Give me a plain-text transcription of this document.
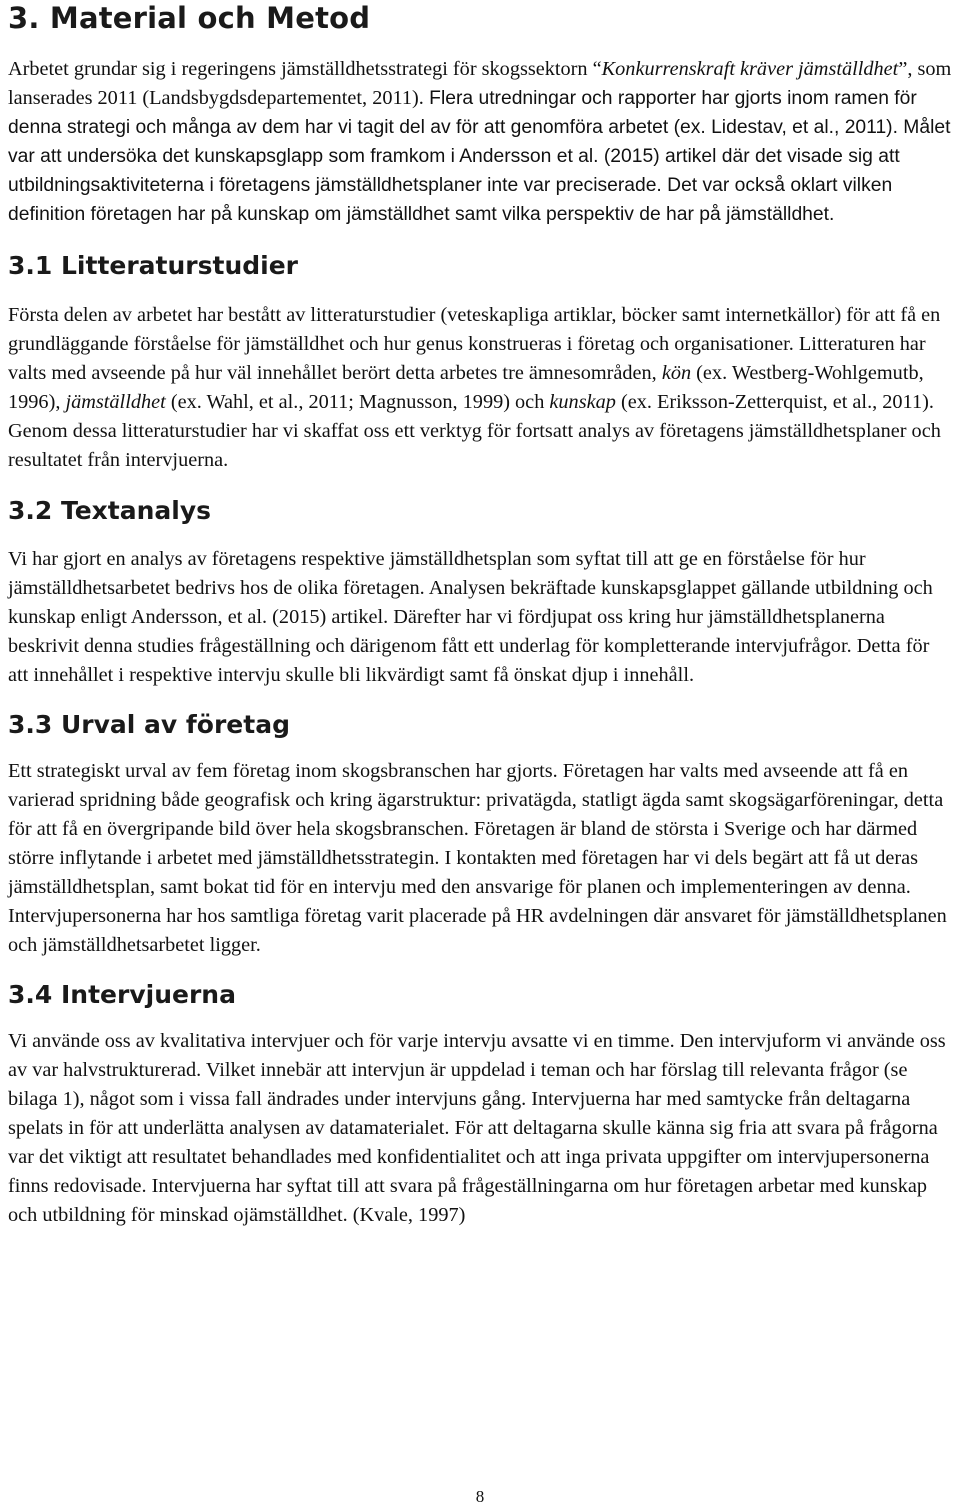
3. Material och Metod

Arbetet grundar sig i regeringens jämställdhetsstrategi för skogssektorn “Konkurrenskraft kräver jämställdhet”, som lanserades 2011 (Landsbygdsdepartementet, 2011). Flera utredningar och rapporter har gjorts inom ramen för denna strategi och många av dem har vi tagit del av för att genomföra arbetet (ex. Lidestav, et al., 2011). Målet var att undersöka det kunskapsglapp som framkom i Andersson et al. (2015) artikel där det visade sig att utbildningsaktiviteterna i företagens jämställdhetsplaner inte var preciserade. Det var också oklart vilken definition företagen har på kunskap om jämställdhet samt vilka perspektiv de har på jämställdhet.

3.1 Litteraturstudier

Första delen av arbetet har bestått av litteraturstudier (veteskapliga artiklar, böcker samt internetkällor) för att få en grundläggande förståelse för jämställdhet och hur genus konstrueras i företag och organisationer. Litteraturen har valts med avseende på hur väl innehållet berört detta arbetes tre ämnesområden, kön (ex. Westberg-Wohlgemutb, 1996), jämställdhet (ex. Wahl, et al., 2011; Magnusson, 1999) och kunskap (ex. Eriksson-Zetterquist, et al., 2011). Genom dessa litteraturstudier har vi skaffat oss ett verktyg för fortsatt analys av företagens jämställdhetsplaner och resultatet från intervjuerna.

3.2 Textanalys

Vi har gjort en analys av företagens respektive jämställdhetsplan som syftat till att ge en förståelse för hur jämställdhetsarbetet bedrivs hos de olika företagen. Analysen bekräftade kunskapsglappet gällande utbildning och kunskap enligt Andersson, et al. (2015) artikel. Därefter har vi fördjupat oss kring hur jämställdhetsplanerna beskrivit denna studies frågeställning och därigenom fått ett underlag för kompletterande intervjufrågor. Detta för att innehållet i respektive intervju skulle bli likvärdigt samt få önskat djup i innehåll.

3.3 Urval av företag

Ett strategiskt urval av fem företag inom skogsbranschen har gjorts. Företagen har valts med avseende att få en varierad spridning både geografisk och kring ägarstruktur: privatägda, statligt ägda samt skogsägarföreningar, detta för att få en övergripande bild över hela skogsbranschen. Företagen är bland de största i Sverige och har därmed större inflytande i arbetet med jämställdhetsstrategin. I kontakten med företagen har vi dels begärt att få ut deras jämställdhetsplan, samt bokat tid för en intervju med den ansvarige för planen och implementeringen av denna. Intervjupersonerna har hos samtliga företag varit placerade på HR avdelningen där ansvaret för jämställdhetsplanen och jämställdhetsarbetet ligger.

3.4 Intervjuerna

Vi använde oss av kvalitativa intervjuer och för varje intervju avsatte vi en timme. Den intervjuform vi använde oss av var halvstrukturerad. Vilket innebär att intervjun är uppdelad i teman och har förslag till relevanta frågor (se bilaga 1), något som i vissa fall ändrades under intervjuns gång. Intervjuerna har med samtycke från deltagarna spelats in för att underlätta analysen av datamaterialet. För att deltagarna skulle känna sig fria att svara på frågorna var det viktigt att resultatet behandlades med konfidentialitet och att inga privata uppgifter om intervjupersonerna finns redovisade. Intervjuerna har syftat till att svara på frågeställningarna om hur företagen arbetar med kunskap och utbildning för minskad ojämställdhet. (Kvale, 1997)

8
